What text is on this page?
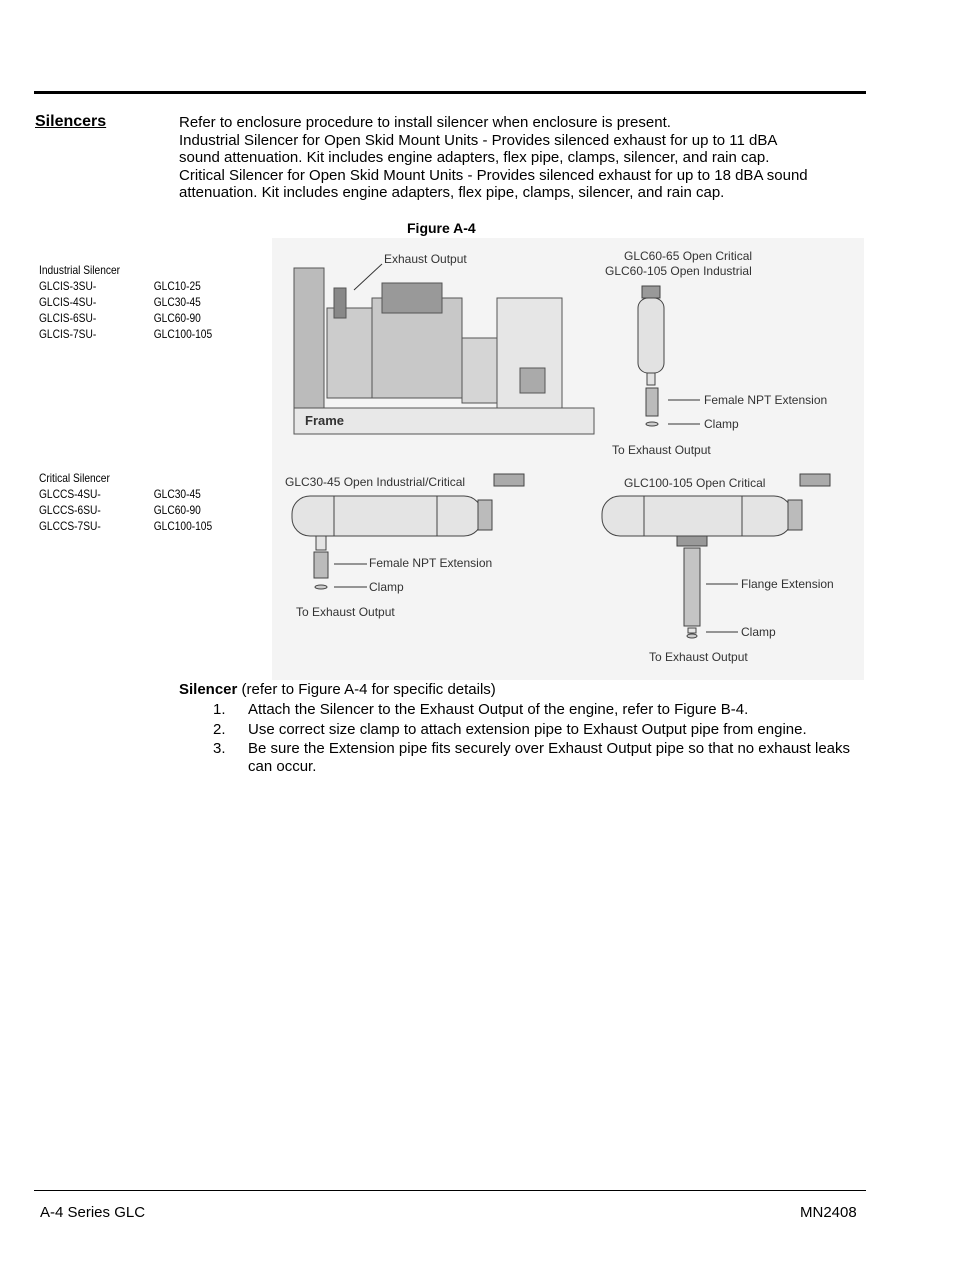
Silencers	Refer to enclosure procedure to install silencer when enclosure is present.
Industrial Silencer for Open Skid Mount Units - Provides silenced exhaust for up to 11 dBA
sound attenuation. Kit includes engine adapters, flex pipe, clamps, silencer, and rain cap.
Critical Silencer for Open Skid Mount Units - Provides silenced exhaust for up to 18 dBA sound
attenuation. Kit includes engine adapters, flex pipe, clamps, silencer, and rain cap.
Figure A-4
Industrial Silencer
GLCIS-3SU-	GLC10-25
GLCIS-4SU-	GLC30-45
GLCIS-6SU-	GLC60-90
GLCIS-7SU-	GLC100-105
Critical Silencer
GLCCS-4SU-	GLC30-45
GLCCS-6SU-	GLC60-90
GLCCS-7SU-	GLC100-105
Exhaust Output
Frame
GLC60-65 Open Critical
GLC60-105 Open Industrial
Female NPT Extension
Clamp
To Exhaust Output
GLC30-45 Open Industrial/Critical
Female NPT Extension
Clamp
To Exhaust Output
GLC100-105 Open Critical
Flange Extension
Clamp
To Exhaust Output
Silencer (refer to Figure A-4 for specific details)
1.	Attach the Silencer to the Exhaust Output of the engine, refer to Figure B-4.
2.	Use correct size clamp to attach extension pipe to Exhaust Output pipe from engine.
3.	Be sure the Extension pipe fits securely over Exhaust Output pipe so that no exhaust leaks can occur.
A-4 Series GLC	MN2408
